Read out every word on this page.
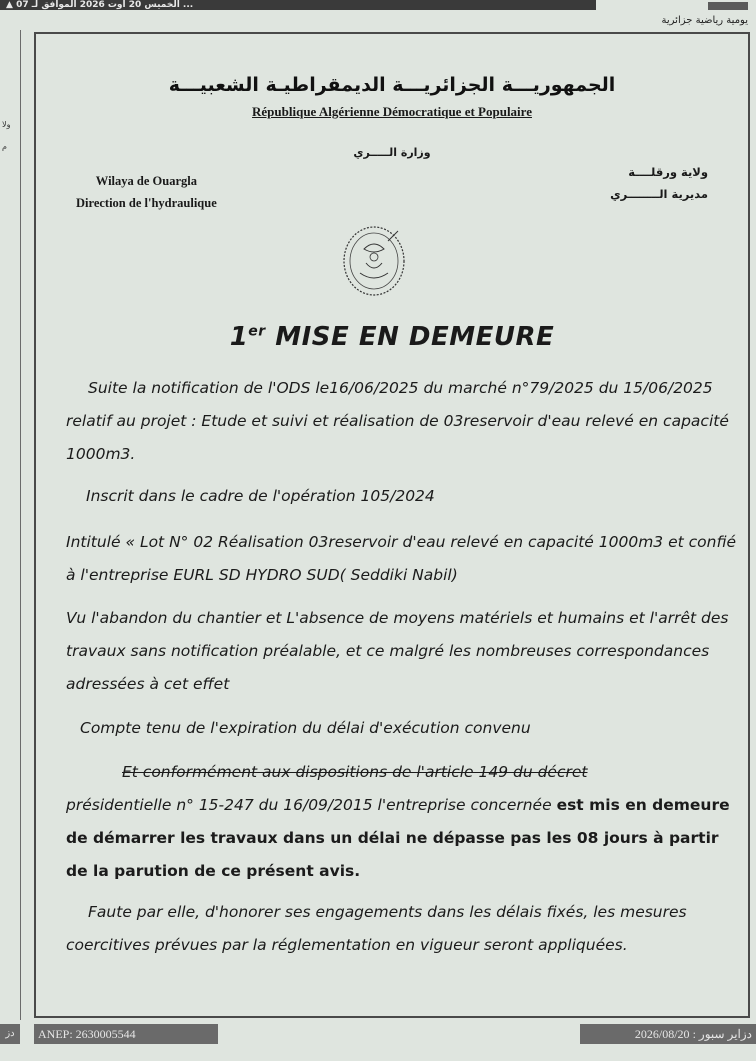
▲ الخميس 20 أوت 2026 الموافق لـ 07 ...
يومية رياضية جزائرية
ولا
م
الجمهوريـــة الجزائريـــة الديمقراطيـة الشعبيـــة
République Algérienne Démocratique et Populaire
وزارة الـــــري
Wilaya de Ouargla
Direction de l'hydraulique
ولاية ورقلــــة
مديرية الــــــــري
1er MISE EN DEMEURE
Suite la notification de l'ODS le16/06/2025 du marché n°79/2025 du 15/06/2025 relatif au projet : Etude et suivi et réalisation de 03reservoir d'eau relevé en capacité 1000m3.
Inscrit dans le cadre de l'opération 105/2024
Intitulé « Lot N° 02 Réalisation 03reservoir d'eau relevé en capacité 1000m3 et confié à l'entreprise EURL SD HYDRO SUD( Seddiki Nabil)
Vu l'abandon du chantier et L'absence de moyens matériels et humains et l'arrêt des travaux sans notification préalable, et ce malgré les nombreuses correspondances adressées à cet effet
Compte tenu de l'expiration du délai d'exécution convenu
Et conformément aux dispositions de l'article 149 du décret
présidentielle n° 15-247 du 16/09/2015 l'entreprise concernée est mis en demeure de démarrer les travaux dans un délai ne dépasse pas les 08 jours à partir de la parution de ce présent avis.
Faute par elle, d'honorer ses engagements dans les délais fixés, les mesures coercitives prévues par la réglementation en vigueur seront appliquées.
دز	ANEP: 2630005544	دزاير سبور : 2026/08/20
